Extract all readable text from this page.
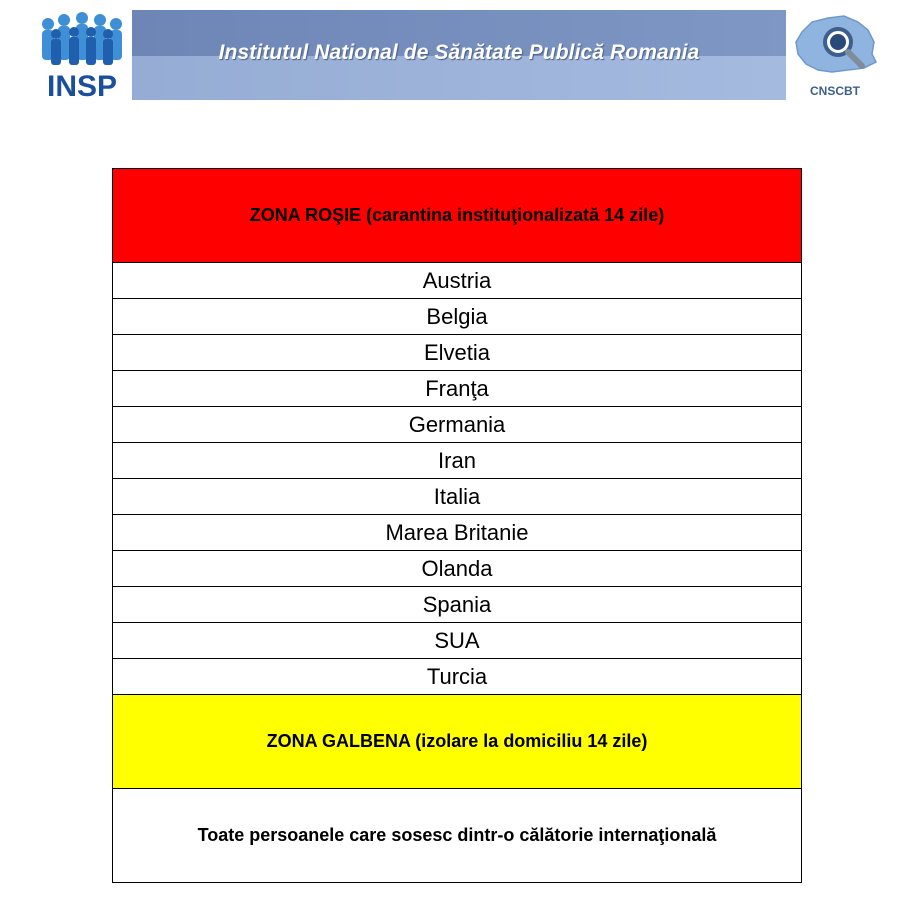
INSP
Institutul National de Sănătate Publică Romania
CNSCBT
ZONA ROŞIE (carantina instituţionalizată 14 zile)
Austria
Belgia
Elvetia
Franţa
Germania
Iran
Italia
Marea Britanie
Olanda
Spania
SUA
Turcia
ZONA GALBENA (izolare la domiciliu 14 zile)
Toate persoanele care sosesc dintr-o călătorie internaţională
